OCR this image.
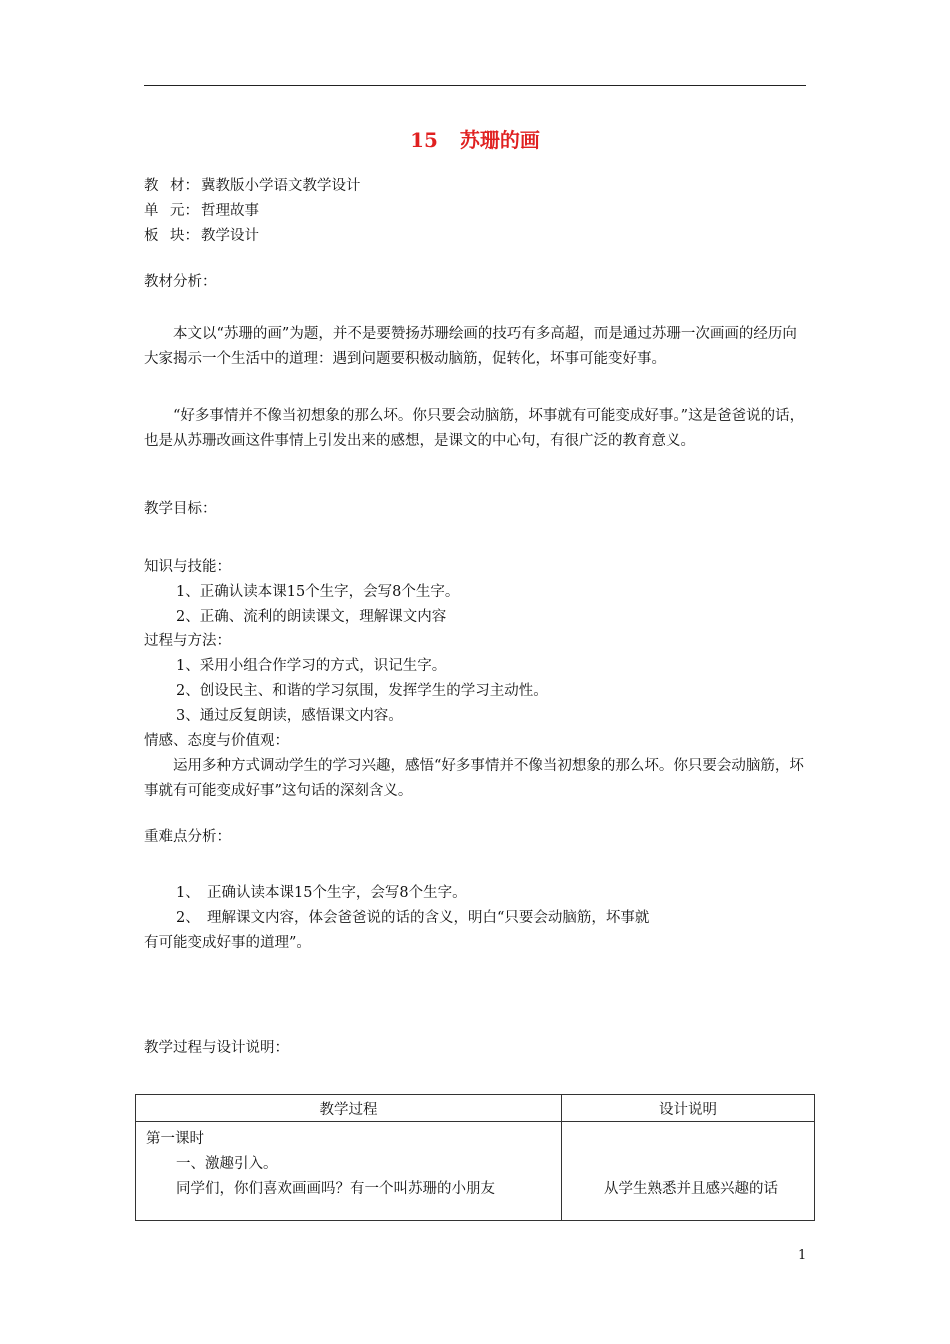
15 苏珊的画
教 材： 冀教版小学语文教学设计
单 元： 哲理故事
板 块： 教学设计
教材分析：
本文以“苏珊的画”为题，并不是要赞扬苏珊绘画的技巧有多高超，而是通过苏珊一次画画的经历向大家揭示一个生活中的道理：遇到问题要积极动脑筋，促转化，坏事可能变好事。
“好多事情并不像当初想象的那么坏。你只要会动脑筋，坏事就有可能变成好事。”这是爸爸说的话，也是从苏珊改画这件事情上引发出来的感想，是课文的中心句，有很广泛的教育意义。
教学目标：
知识与技能：
1、正确认读本课15个生字，会写8个生字。
2、正确、流利的朗读课文，理解课文内容
过程与方法：
1、采用小组合作学习的方式，识记生字。
2、创设民主、和谐的学习氛围，发挥学生的学习主动性。
3、通过反复朗读，感悟课文内容。
情感、态度与价值观：
运用多种方式调动学生的学习兴趣，感悟“好多事情并不像当初想象的那么坏。你只要会动脑筋，坏事就有可能变成好事”这句话的深刻含义。
重难点分析：
1、　正确认读本课15个生字，会写8个生字。
2、　理解课文内容，体会爸爸说的话的含义，明白“只要会动脑筋，坏事就
有可能变成好事的道理”。
教学过程与设计说明：
教学过程	设计说明

第一课时
一、激趣引入。
同学们，你们喜欢画画吗？有一个叫苏珊的小朋友	从学生熟悉并且感兴趣的话
1
